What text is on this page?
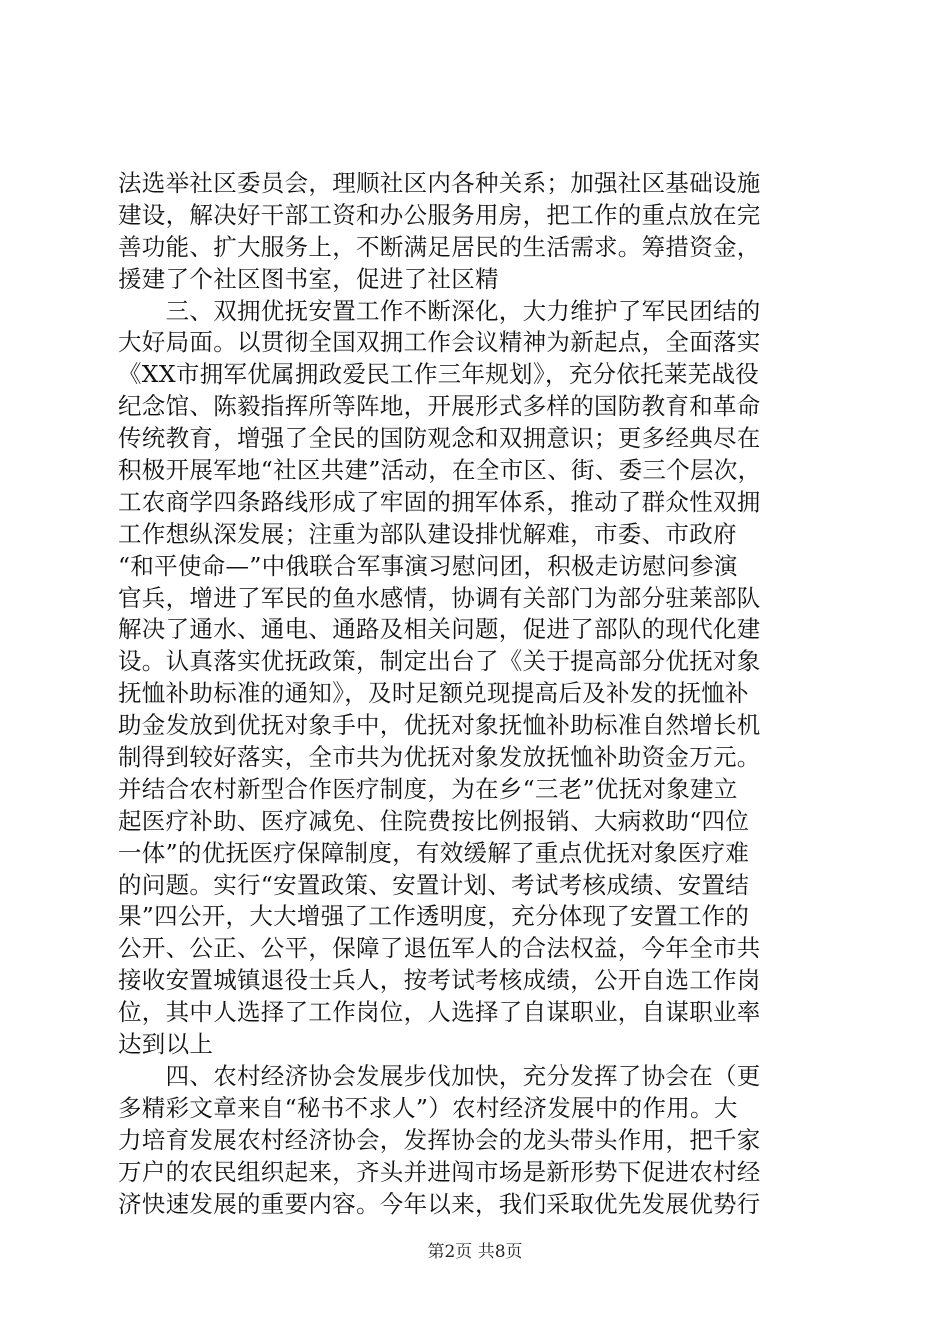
法选举社区委员会，理顺社区内各种关系；加强社区基础设施
建设，解决好干部工资和办公服务用房，把工作的重点放在完
善功能、扩大服务上，不断满足居民的生活需求。筹措资金，
援建了个社区图书室，促进了社区精
　　三、双拥优抚安置工作不断深化，大力维护了军民团结的
大好局面。以贯彻全国双拥工作会议精神为新起点，全面落实
《XX市拥军优属拥政爱民工作三年规划》，充分依托莱芜战役
纪念馆、陈毅指挥所等阵地，开展形式多样的国防教育和革命
传统教育，增强了全民的国防观念和双拥意识；更多经典尽在
积极开展军地“社区共建”活动，在全市区、街、委三个层次，
工农商学四条路线形成了牢固的拥军体系，推动了群众性双拥
工作想纵深发展；注重为部队建设排忧解难，市委、市政府
“和平使命—”中俄联合军事演习慰问团，积极走访慰问参演
官兵，增进了军民的鱼水感情，协调有关部门为部分驻莱部队
解决了通水、通电、通路及相关问题，促进了部队的现代化建
设。认真落实优抚政策，制定出台了《关于提高部分优抚对象
抚恤补助标准的通知》，及时足额兑现提高后及补发的抚恤补
助金发放到优抚对象手中，优抚对象抚恤补助标准自然增长机
制得到较好落实，全市共为优抚对象发放抚恤补助资金万元。
并结合农村新型合作医疗制度，为在乡“三老”优抚对象建立
起医疗补助、医疗减免、住院费按比例报销、大病救助“四位
一体”的优抚医疗保障制度，有效缓解了重点优抚对象医疗难
的问题。实行“安置政策、安置计划、考试考核成绩、安置结
果”四公开，大大增强了工作透明度，充分体现了安置工作的
公开、公正、公平，保障了退伍军人的合法权益，今年全市共
接收安置城镇退役士兵人，按考试考核成绩，公开自选工作岗
位，其中人选择了工作岗位，人选择了自谋职业，自谋职业率
达到以上
　　四、农村经济协会发展步伐加快，充分发挥了协会在（更
多精彩文章来自“秘书不求人”）农村经济发展中的作用。大
力培育发展农村经济协会，发挥协会的龙头带头作用，把千家
万户的农民组织起来，齐头并进闯市场是新形势下促进农村经
济快速发展的重要内容。今年以来，我们采取优先发展优势行
第2页 共8页
